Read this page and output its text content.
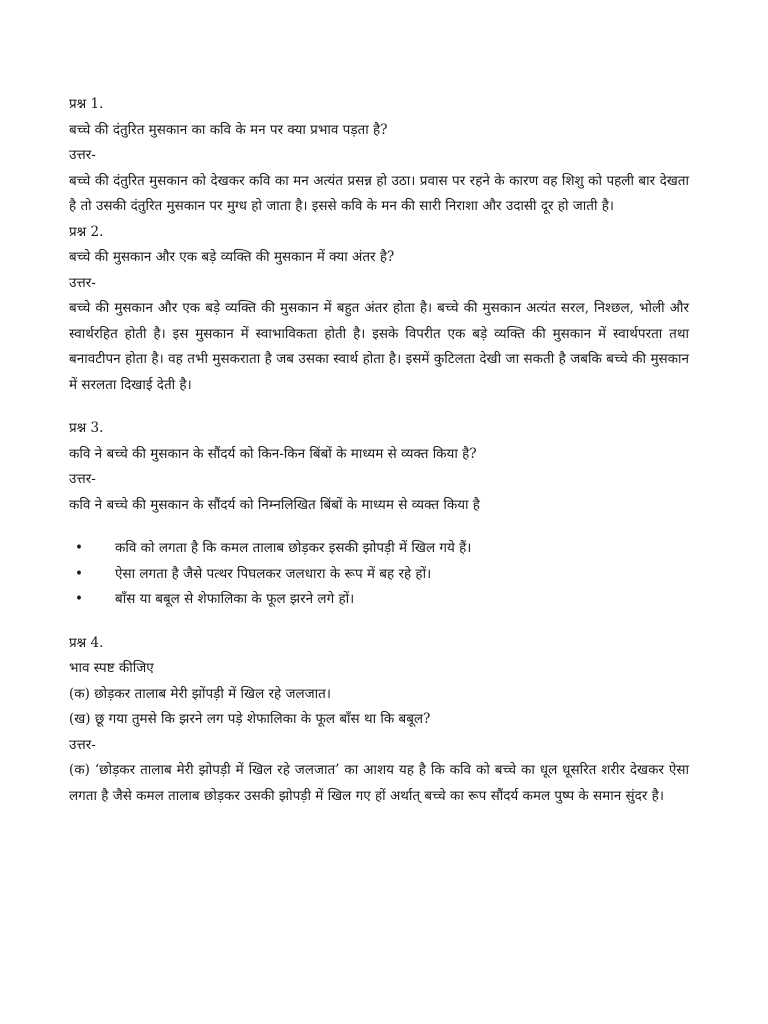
प्रश्न 1.
बच्चे की दंतुरित मुसकान का कवि के मन पर क्या प्रभाव पड़ता है?
उत्तर-
बच्चे की दंतुरित मुसकान को देखकर कवि का मन अत्यंत प्रसन्न हो उठा। प्रवास पर रहने के कारण वह शिशु को पहली बार देखता है तो उसकी दंतुरित मुसकान पर मुग्ध हो जाता है। इससे कवि के मन की सारी निराशा और उदासी दूर हो जाती है।
प्रश्न 2.
बच्चे की मुसकान और एक बड़े व्यक्ति की मुसकान में क्या अंतर है?
उत्तर-
बच्चे की मुसकान और एक बड़े व्यक्ति की मुसकान में बहुत अंतर होता है। बच्चे की मुसकान अत्यंत सरल, निश्छल, भोली और स्वार्थरहित होती है। इस मुसकान में स्वाभाविकता होती है। इसके विपरीत एक बड़े व्यक्ति की मुसकान में स्वार्थपरता तथा बनावटीपन होता है। वह तभी मुसकराता है जब उसका स्वार्थ होता है। इसमें कुटिलता देखी जा सकती है जबकि बच्चे की मुसकान में सरलता दिखाई देती है।
प्रश्न 3.
कवि ने बच्चे की मुसकान के सौंदर्य को किन-किन बिंबों के माध्यम से व्यक्त किया है?
उत्तर-
कवि ने बच्चे की मुसकान के सौंदर्य को निम्नलिखित बिंबों के माध्यम से व्यक्त किया है
• कवि को लगता है कि कमल तालाब छोड़कर इसकी झोपड़ी में खिल गये हैं।
• ऐसा लगता है जैसे पत्थर पिघलकर जलधारा के रूप में बह रहे हों।
• बाँस या बबूल से शेफालिका के फूल झरने लगे हों।
प्रश्न 4.
भाव स्पष्ट कीजिए
(क) छोड़कर तालाब मेरी झोंपड़ी में खिल रहे जलजात।
(ख) छू गया तुमसे कि झरने लग पड़े शेफालिका के फूल बाँस था कि बबूल?
उत्तर-
(क) ‘छोड़कर तालाब मेरी झोपड़ी में खिल रहे जलजात’ का आशय यह है कि कवि को बच्चे का धूल धूसरित शरीर देखकर ऐसा लगता है जैसे कमल तालाब छोड़कर उसकी झोपड़ी में खिल गए हों अर्थात् बच्चे का रूप सौंदर्य कमल पुष्प के समान सुंदर है।
